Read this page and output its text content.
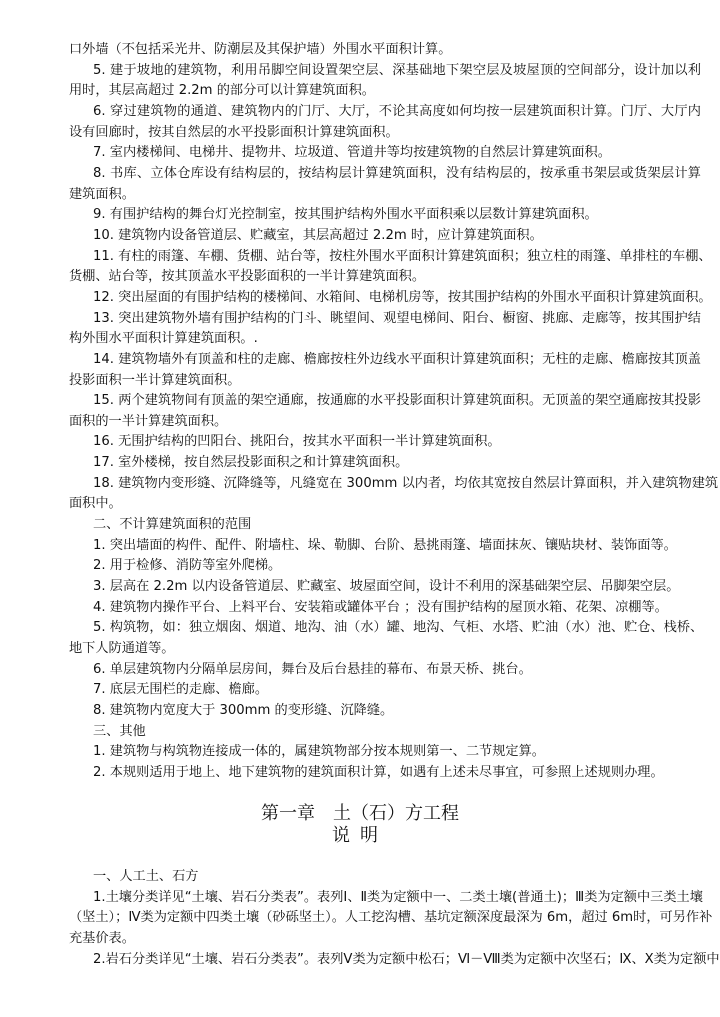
口外墙（不包括采光井、防潮层及其保护墙）外围水平面积计算。
5. 建于坡地的建筑物，利用吊脚空间设置架空层、深基础地下架空层及坡屋顶的空间部分，设计加以利
用时，其层高超过 2.2m 的部分可以计算建筑面积。
6. 穿过建筑物的通道、建筑物内的门厅、大厅，不论其高度如何均按一层建筑面积计算。门厅、大厅内
设有回廊时，按其自然层的水平投影面积计算建筑面积。
7. 室内楼梯间、电梯井、提物井、垃圾道、管道井等均按建筑物的自然层计算建筑面积。
8. 书库、立体仓库设有结构层的，按结构层计算建筑面积，没有结构层的，按承重书架层或货架层计算
建筑面积。
9. 有围护结构的舞台灯光控制室，按其围护结构外围水平面积乘以层数计算建筑面积。
10. 建筑物内设备管道层、贮藏室，其层高超过 2.2m 时，应计算建筑面积。
11. 有柱的雨篷、车棚、货棚、站台等，按柱外围水平面积计算建筑面积；独立柱的雨篷、单排柱的车棚、
货棚、站台等，按其顶盖水平投影面积的一半计算建筑面积。
12. 突出屋面的有围护结构的楼梯间、水箱间、电梯机房等，按其围护结构的外围水平面积计算建筑面积。
13. 突出建筑物外墙有围护结构的门斗、眺望间、观望电梯间、阳台、橱窗、挑廊、走廊等，按其围护结
构外围水平面积计算建筑面积。.
14. 建筑物墙外有顶盖和柱的走廊、檐廊按柱外边线水平面积计算建筑面积；无柱的走廊、檐廊按其顶盖
投影面积一半计算建筑面积。
15. 两个建筑物间有顶盖的架空通廊，按通廊的水平投影面积计算建筑面积。无顶盖的架空通廊按其投影
面积的一半计算建筑面积。
16. 无围护结构的凹阳台、挑阳台，按其水平面积一半计算建筑面积。
17. 室外楼梯，按自然层投影面积之和计算建筑面积。
18. 建筑物内变形缝、沉降缝等，凡缝宽在 300mm 以内者，均依其宽按自然层计算面积，并入建筑物建筑
面积中。
二、不计算建筑面积的范围
1. 突出墙面的构件、配件、附墙柱、垛、勒脚、台阶、悬挑雨篷、墙面抹灰、镶贴块材、装饰面等。
2. 用于检修、消防等室外爬梯。
3. 层高在 2.2m 以内设备管道层、贮藏室、坡屋面空间，设计不利用的深基础架空层、吊脚架空层。
4. 建筑物内操作平台、上料平台、安装箱或罐体平台 ；没有围护结构的屋顶水箱、花架、凉棚等。
5. 构筑物，如：独立烟囱、烟道、地沟、油（水）罐、地沟、气柜、水塔、贮油（水）池、贮仓、栈桥、
地下人防通道等。
6. 单层建筑物内分隔单层房间，舞台及后台悬挂的幕布、布景天桥、挑台。
7. 底层无围栏的走廊、檐廊。
8. 建筑物内宽度大于 300mm 的变形缝、沉降缝。
三、其他
1. 建筑物与构筑物连接成一体的，属建筑物部分按本规则第一、二节规定算。
2. 本规则适用于地上、地下建筑物的建筑面积计算，如遇有上述未尽事宜，可参照上述规则办理。
第一章　土（石）方工程
说明
一、人工土、石方
1.土壤分类详见“土壤、岩石分类表”。表列Ⅰ、Ⅱ类为定额中一、二类土壤(普通土)；Ⅲ类为定额中三类土壤
（坚土）；Ⅳ类为定额中四类土壤（砂砾坚土）。人工挖沟槽、基坑定额深度最深为 6m，超过 6m时，可另作补
充基价表。
2.岩石分类详见“土壤、岩石分类表”。表列Ⅴ类为定额中松石；Ⅵ－Ⅷ类为定额中次坚石；Ⅸ、Ⅹ类为定额中
